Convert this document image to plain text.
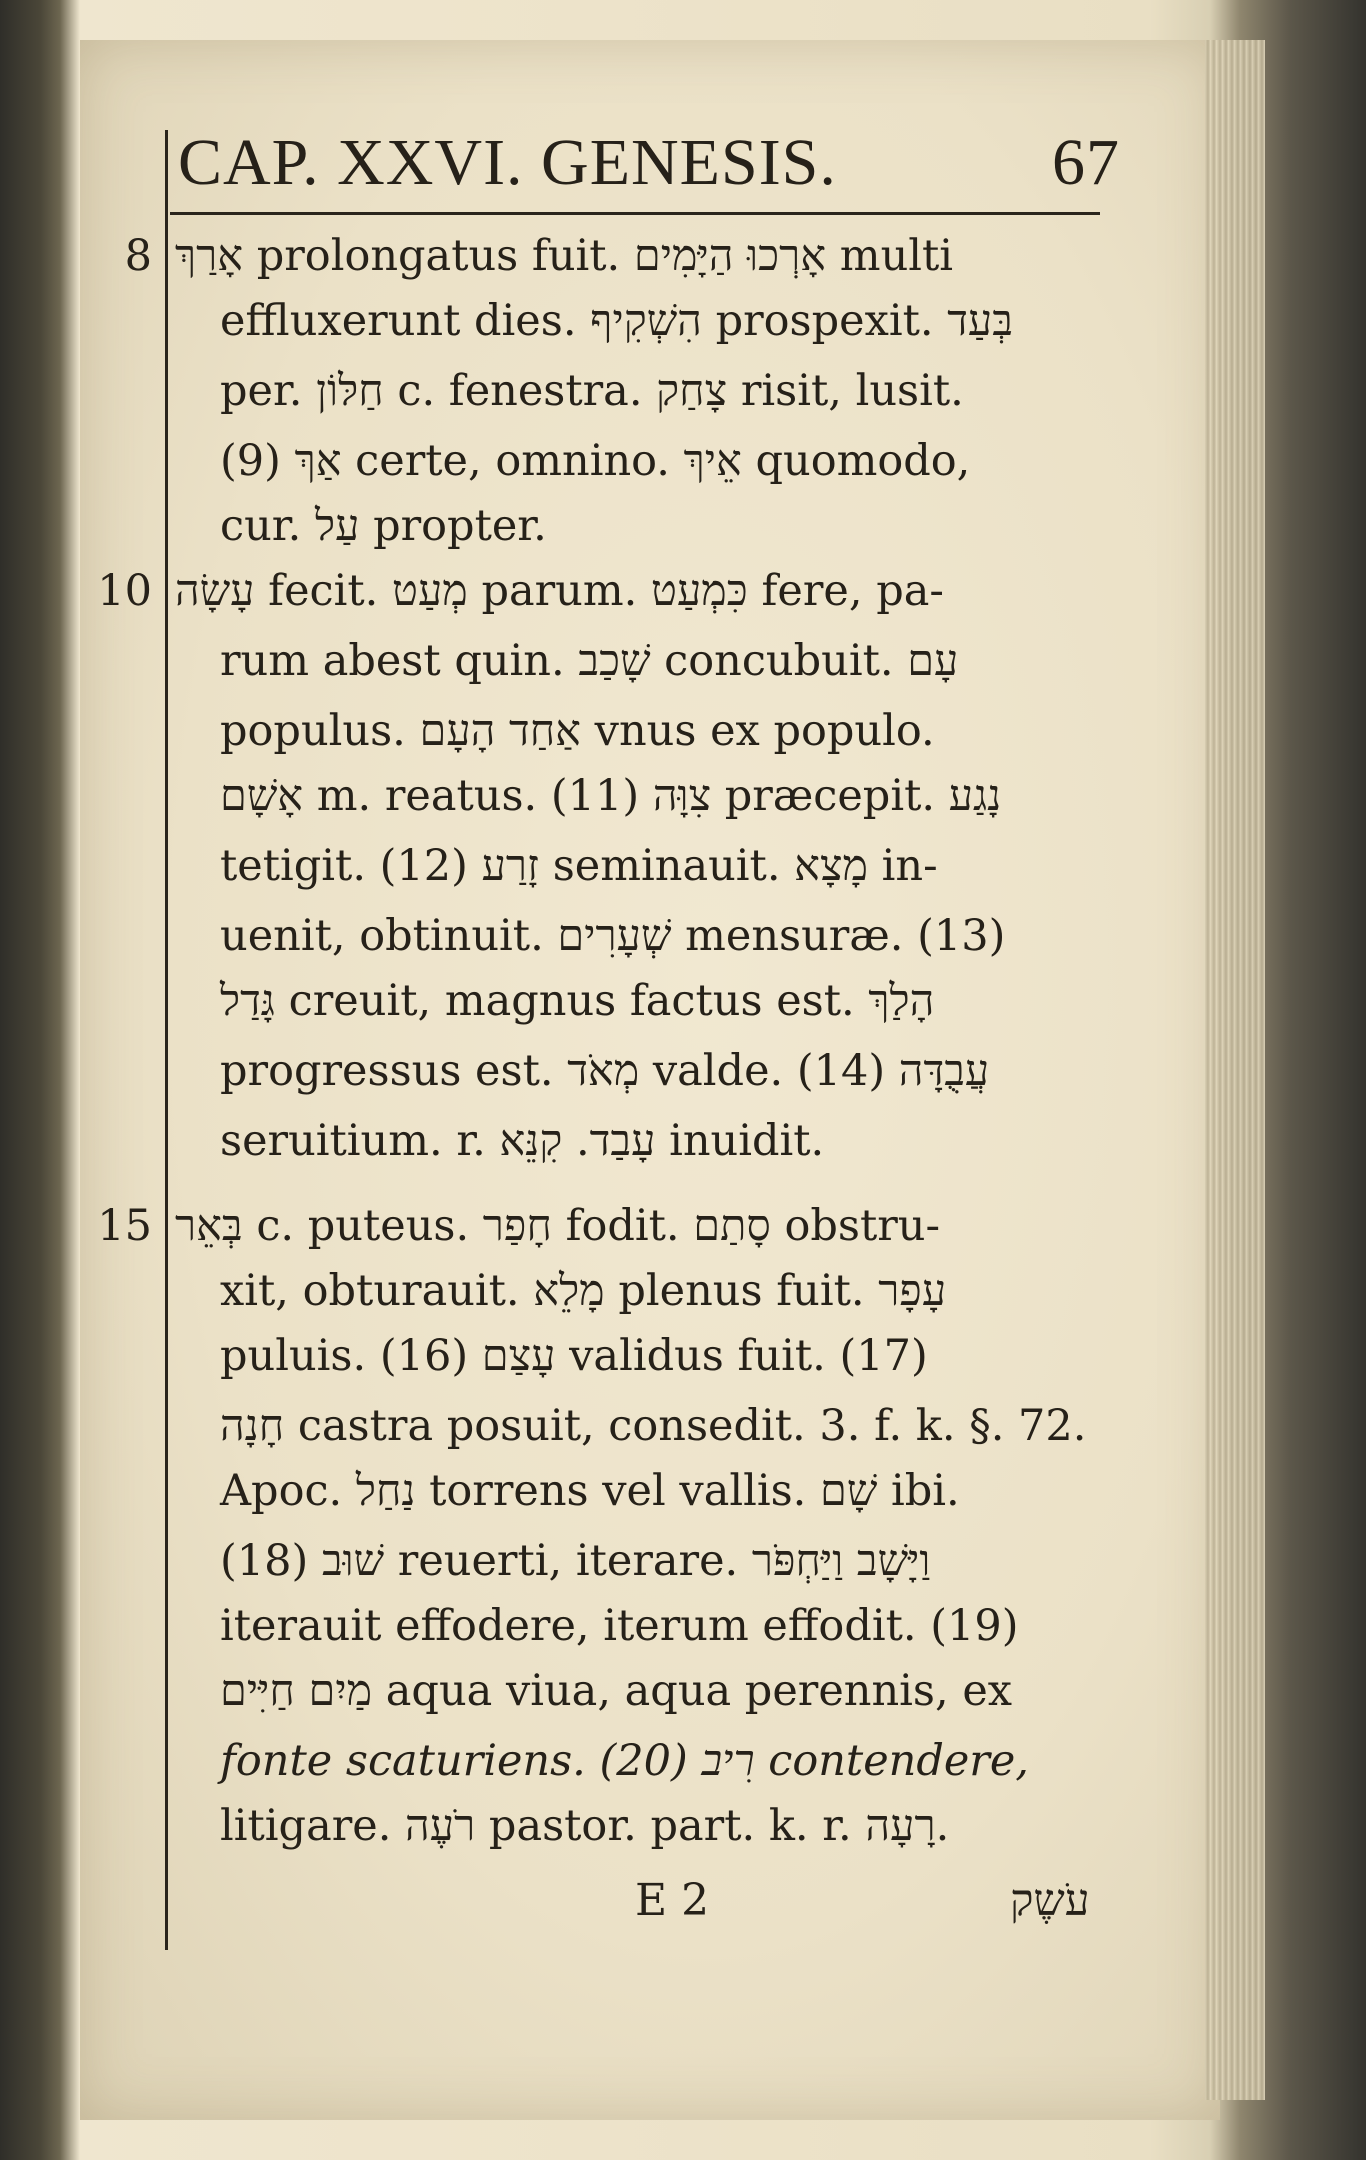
CAP. XXVI. GENESIS.	67
8
10
15
אָרַךְ prolongatus fuit. אָרְכוּ הַיָּמִים multi
effluxerunt dies. הִשְׁקִיף prospexit. בְּעַד
per. חַלּוֹן c. fenestra. צָחַק risit, lusit.
(9) אַךְ certe, omnino. אֵיךְ quomodo,
cur. עַל propter.
עָשָׂה fecit. מְעַט parum. כִּמְעַט fere, pa-
rum abest quin. שָׁכַב concubuit. עָם
populus. אַחַד הָעָם vnus ex populo.
אָשָׁם m. reatus. (11) צִוָּה præcepit. נָגַע
tetigit. (12) זָרַע seminauit. מָצָא in-
uenit, obtinuit. שְׁעָרִים mensuræ. (13)
גָּדַל creuit, magnus factus est. הָלַךְ
progressus est. מְאֹד valde. (14) עֲבֻדָּה
seruitium. r. עָבַד. קִנֵּא inuidit.
בְּאֵר c. puteus. חָפַר fodit. סָתַם obstru-
xit, obturauit. מָלֵא plenus fuit. עָפָר
puluis. (16) עָצַם validus fuit. (17)
חָנָה castra posuit, consedit. 3. f. k. §. 72.
Apoc. נַחַל torrens vel vallis. שָׁם ibi.
(18) שׁוּב reuerti, iterare. וַיָּשָׁב וַיַּחְפֹּר
iterauit effodere, iterum effodit. (19)
מַיִם חַיִּים aqua viua, aqua perennis, ex
fonte scaturiens. (20) רִיב contendere,
litigare. רֹעֶה pastor. part. k. r. רָעָה.
E 2	עֹשֶק
